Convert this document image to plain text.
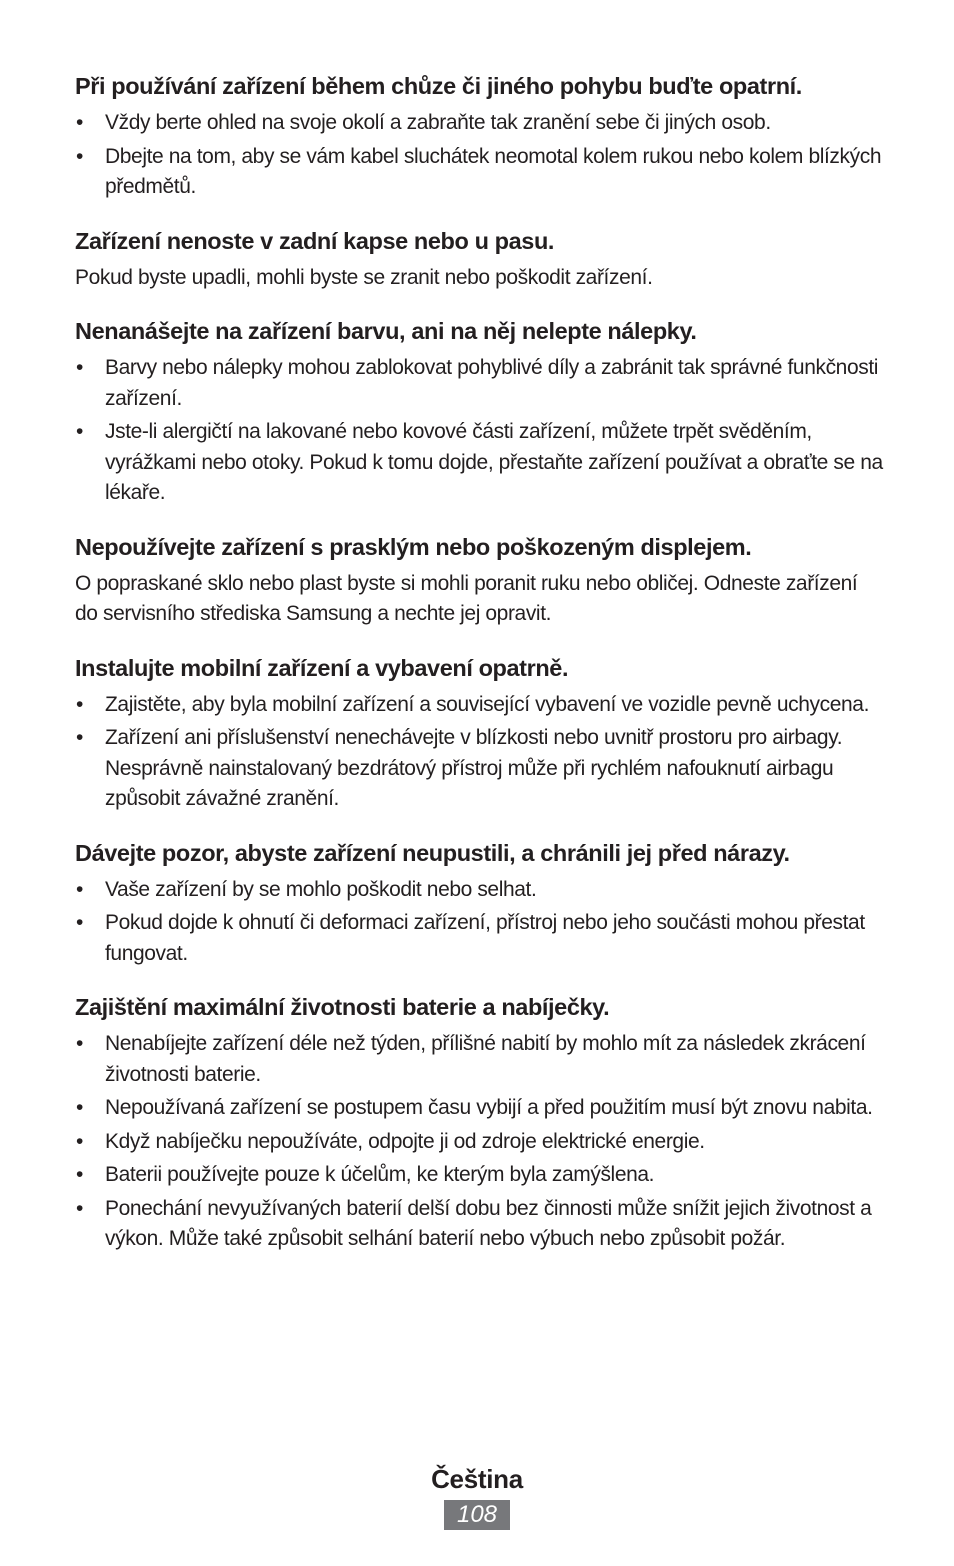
Při používání zařízení během chůze či jiného pohybu buďte opatrní.
• Vždy berte ohled na svoje okolí a zabraňte tak zranění sebe či jiných osob.
• Dbejte na tom, aby se vám kabel sluchátek neomotal kolem rukou nebo kolem blízkých předmětů.
Zařízení nenoste v zadní kapse nebo u pasu.

Pokud byste upadli, mohli byste se zranit nebo poškodit zařízení.

Nenanášejte na zařízení barvu, ani na něj nelepte nálepky.
• Barvy nebo nálepky mohou zablokovat pohyblivé díly a zabránit tak správné funkčnosti zařízení.
• Jste-li alergičtí na lakované nebo kovové části zařízení, můžete trpět svěděním, vyrážkami nebo otoky. Pokud k tomu dojde, přestaňte zařízení používat a obraťte se na lékaře.
Nepoužívejte zařízení s prasklým nebo poškozeným displejem.

O popraskané sklo nebo plast byste si mohli poranit ruku nebo obličej. Odneste zařízení do servisního střediska Samsung a nechte jej opravit.

Instalujte mobilní zařízení a vybavení opatrně.
• Zajistěte, aby byla mobilní zařízení a související vybavení ve vozidle pevně uchycena.
• Zařízení ani příslušenství nenechávejte v blízkosti nebo uvnitř prostoru pro airbagy. Nesprávně nainstalovaný bezdrátový přístroj může při rychlém nafouknutí airbagu způsobit závažné zranění.
Dávejte pozor, abyste zařízení neupustili, a chránili jej před nárazy.
• Vaše zařízení by se mohlo poškodit nebo selhat.
• Pokud dojde k ohnutí či deformaci zařízení, přístroj nebo jeho součásti mohou přestat fungovat.
Zajištění maximální životnosti baterie a nabíječky.
• Nenabíjejte zařízení déle než týden, přílišné nabití by mohlo mít za následek zkrácení životnosti baterie.
• Nepoužívaná zařízení se postupem času vybijí a před použitím musí být znovu nabita.
• Když nabíječku nepoužíváte, odpojte ji od zdroje elektrické energie.
• Baterii používejte pouze k účelům, ke kterým byla zamýšlena.
• Ponechání nevyužívaných baterií delší dobu bez činnosti může snížit jejich životnost a výkon. Může také způsobit selhání baterií nebo výbuch nebo způsobit požár.
Čeština
108
